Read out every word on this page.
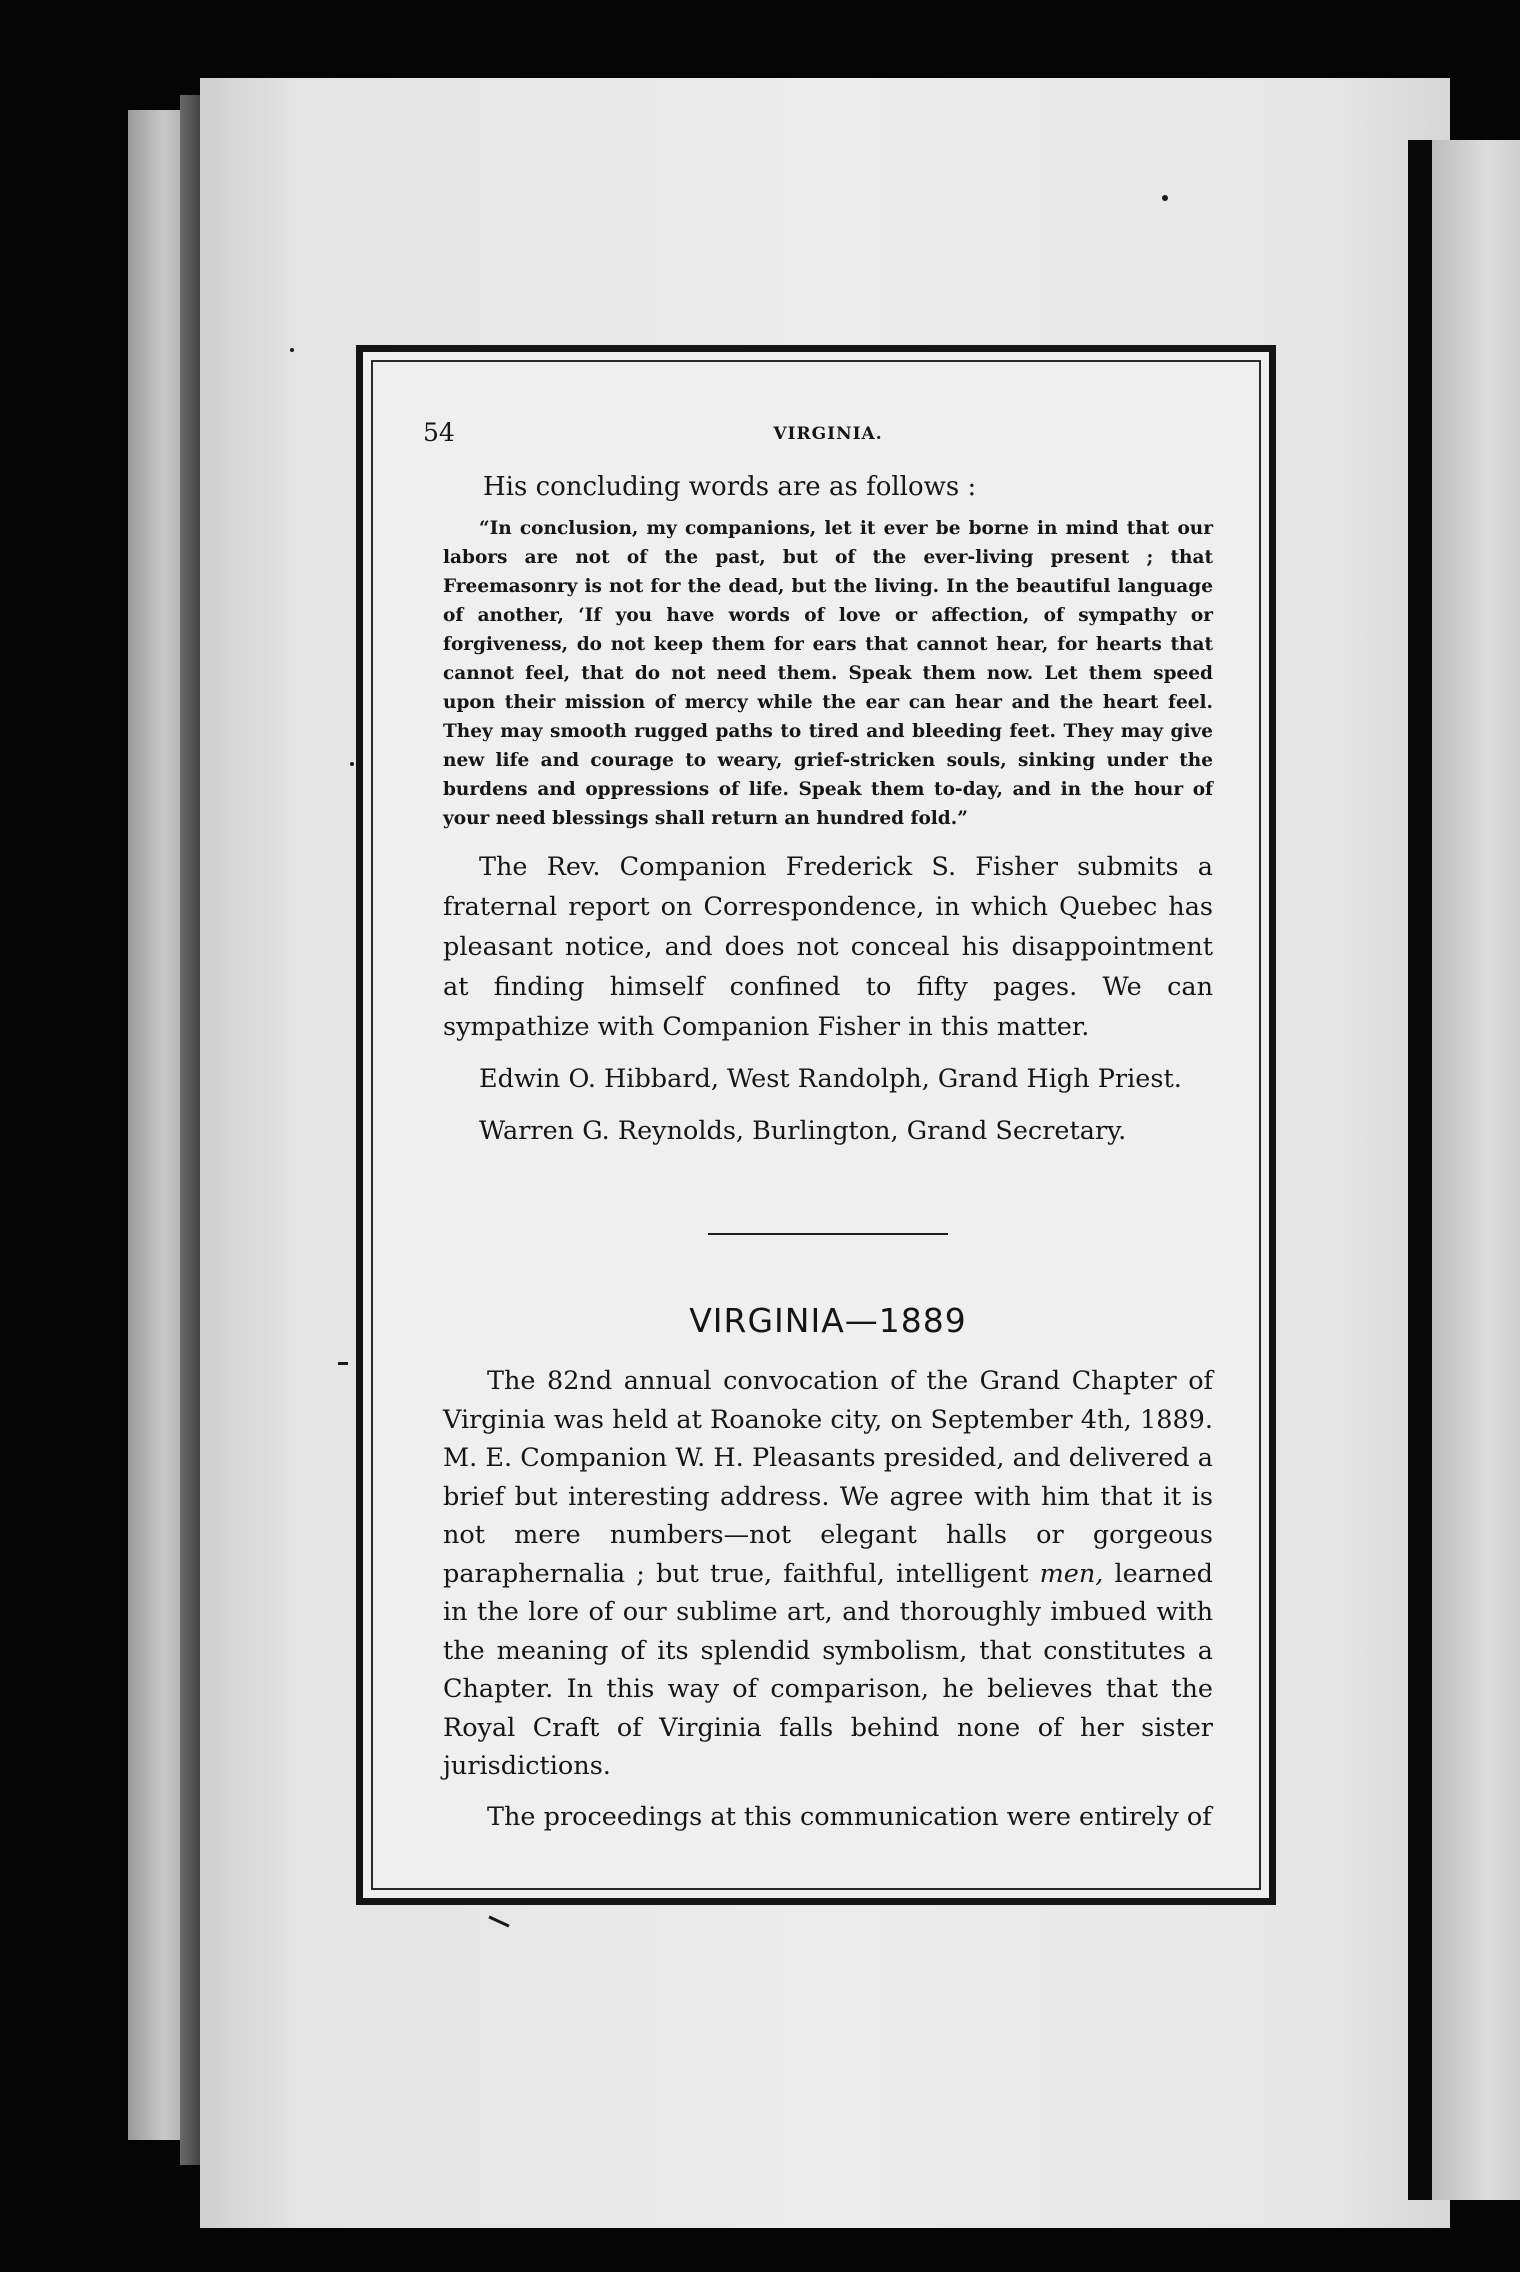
54	VIRGINIA.
His concluding words are as follows :

“In conclusion, my companions, let it ever be borne in mind that our labors are not of the past, but of the ever-living present ; that Freemasonry is not for the dead, but the living. In the beautiful language of another, ‘If you have words of love or affection, of sympathy or forgiveness, do not keep them for ears that cannot hear, for hearts that cannot feel, that do not need them. Speak them now. Let them speed upon their mission of mercy while the ear can hear and the heart feel. They may smooth rugged paths to tired and bleeding feet. They may give new life and courage to weary, grief-stricken souls, sinking under the burdens and oppressions of life. Speak them to-day, and in the hour of your need blessings shall return an hundred fold.”

The Rev. Companion Frederick S. Fisher submits a fraternal report on Correspondence, in which Quebec has pleasant notice, and does not conceal his disappointment at finding himself confined to fifty pages. We can sympathize with Companion Fisher in this matter.

Edwin O. Hibbard, West Randolph, Grand High Priest.
Warren G. Reynolds, Burlington, Grand Secretary.
VIRGINIA—1889

The 82nd annual convocation of the Grand Chapter of Virginia was held at Roanoke city, on September 4th, 1889. M. E. Companion W. H. Pleasants presided, and delivered a brief but interesting address. We agree with him that it is not mere numbers—not elegant halls or gorgeous paraphernalia ; but true, faithful, intelligent men, learned in the lore of our sublime art, and thoroughly imbued with the meaning of its splendid symbolism, that constitutes a Chapter. In this way of comparison, he believes that the Royal Craft of Virginia falls behind none of her sister jurisdictions.

The proceedings at this communication were entirely of
